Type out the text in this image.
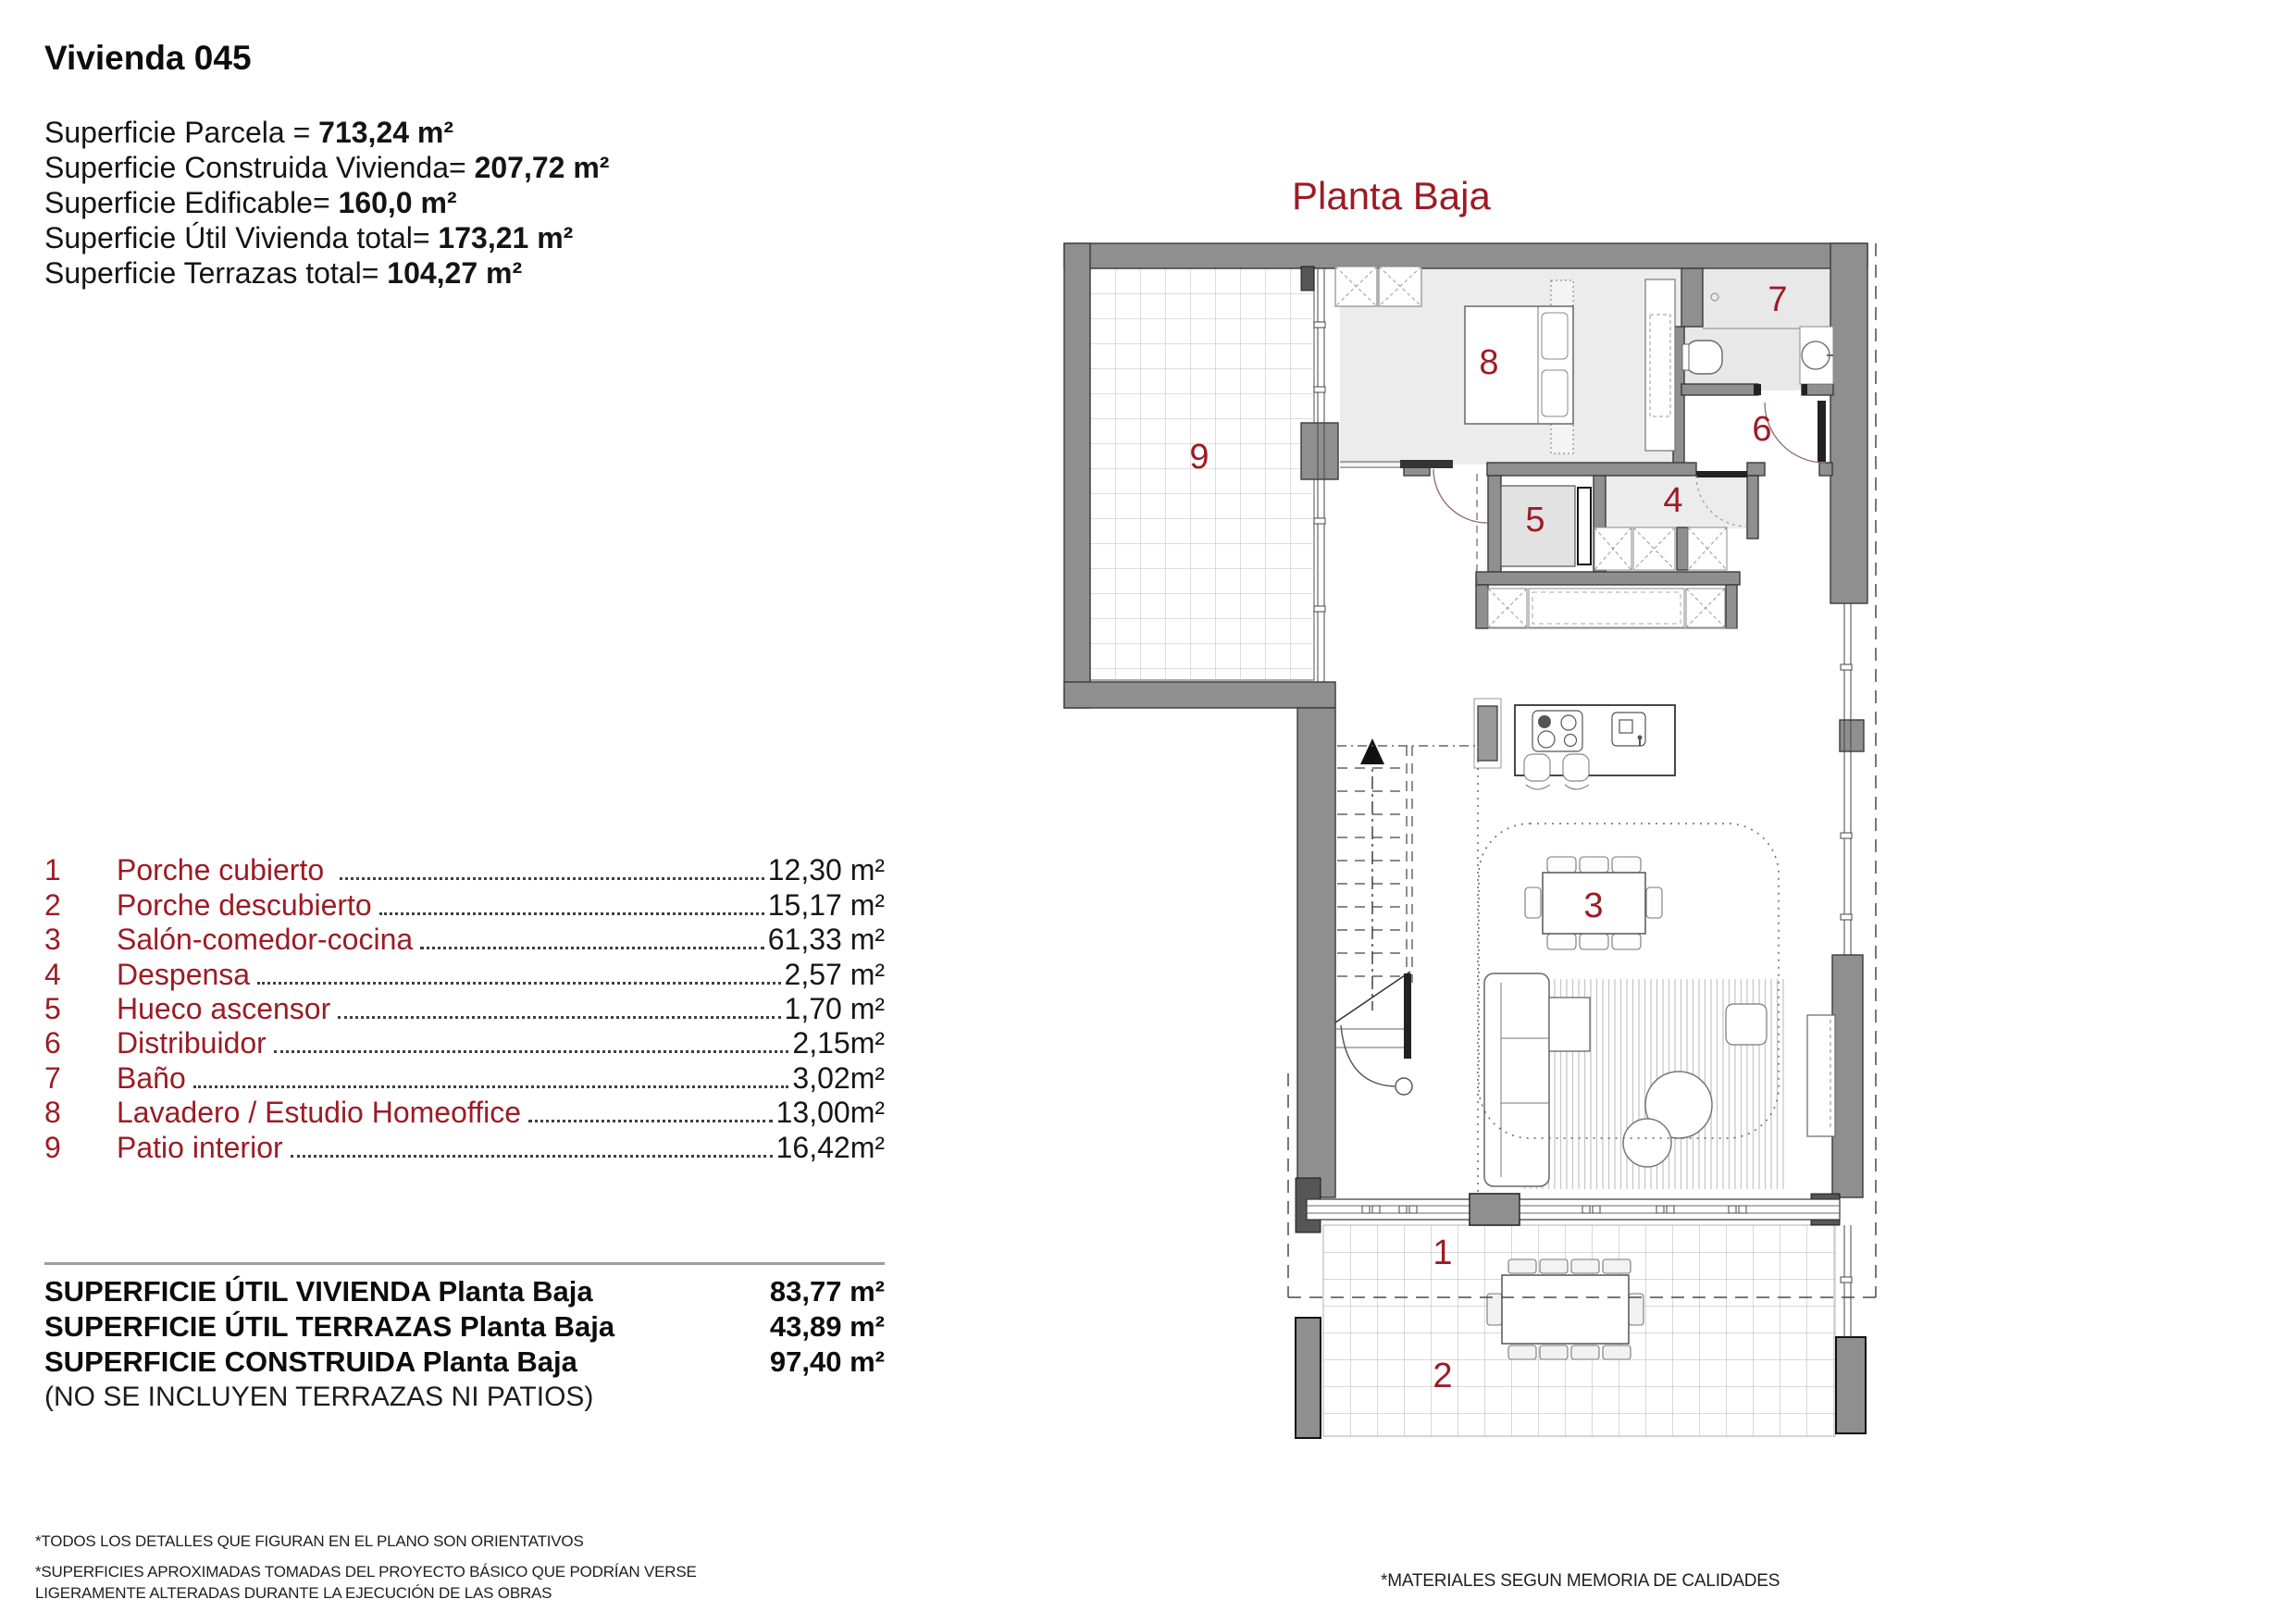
Vivienda 045
Superficie Parcela = 713,24 m²
Superficie Construida Vivienda= 207,72 m²
Superficie Edificable= 160,0 m²
Superficie Útil Vivienda total= 173,21 m²
Superficie Terrazas total= 104,27 m²
Planta Baja
1	Porche cubierto	12,30 m²
2	Porche descubierto	15,17 m²
3	Salón-comedor-cocina	61,33 m²
4	Despensa	2,57 m²
5	Hueco ascensor	1,70 m²
6	Distribuidor	2,15m²
7	Baño	3,02m²
8	Lavadero / Estudio Homeoffice	13,00m²
9	Patio interior	16,42m²
SUPERFICIE ÚTIL VIVIENDA Planta Baja	83,77 m²
SUPERFICIE ÚTIL TERRAZAS Planta Baja	43,89 m²
SUPERFICIE CONSTRUIDA Planta Baja	97,40 m²
(NO SE INCLUYEN TERRAZAS NI PATIOS)
*TODOS LOS DETALLES QUE FIGURAN EN EL PLANO SON ORIENTATIVOS
*SUPERFICIES APROXIMADAS TOMADAS DEL PROYECTO BÁSICO QUE PODRÍAN VERSE
LIGERAMENTE ALTERADAS DURANTE LA EJECUCIÓN DE LAS OBRAS
*MATERIALES SEGUN MEMORIA DE CALIDADES
1
2
3
4
5
6
7
8
9
